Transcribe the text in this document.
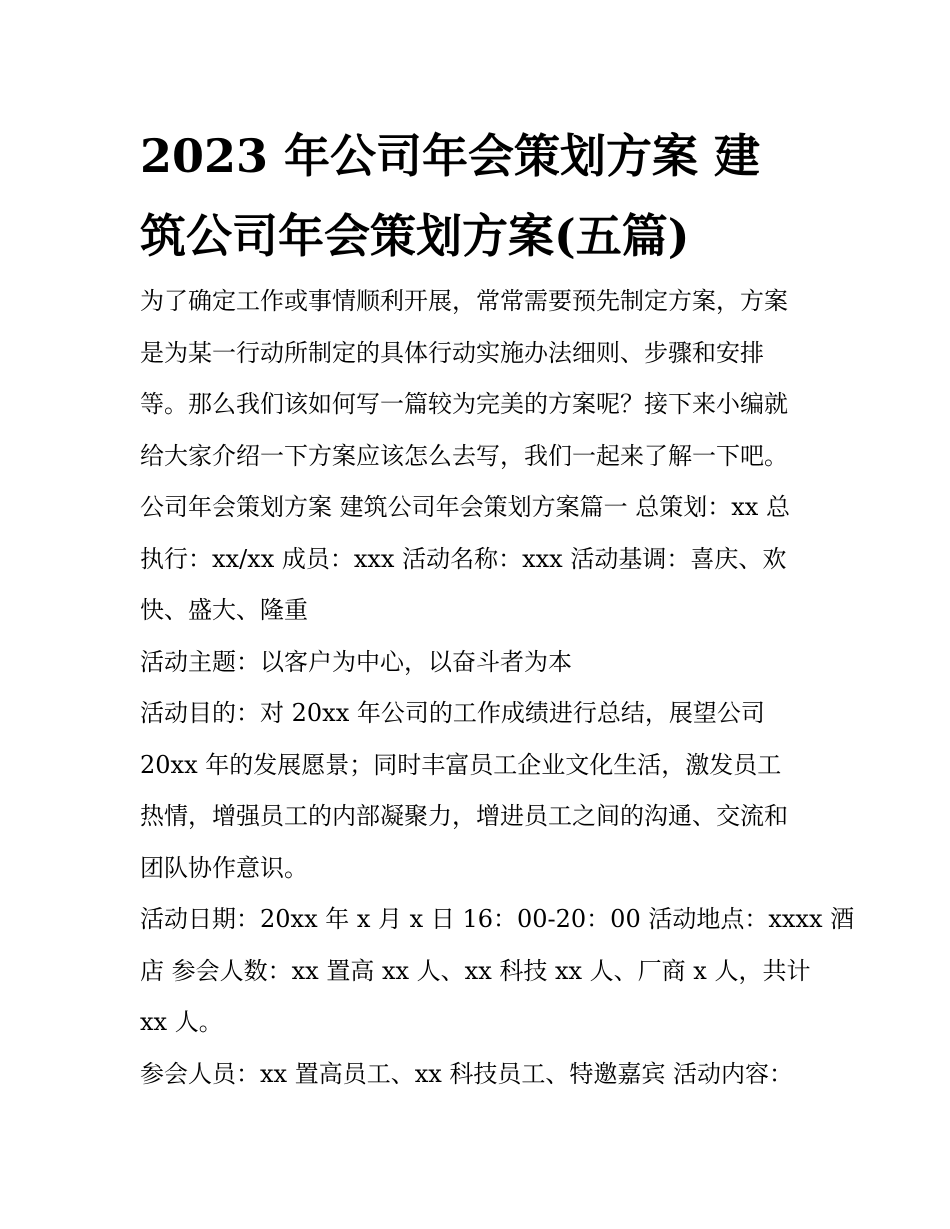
2023 年公司年会策划方案 建
筑公司年会策划方案(五篇)
为了确定工作或事情顺利开展，常常需要预先制定方案，方案
是为某一行动所制定的具体行动实施办法细则、步骤和安排
等。那么我们该如何写一篇较为完美的方案呢？接下来小编就
给大家介绍一下方案应该怎么去写，我们一起来了解一下吧。
公司年会策划方案 建筑公司年会策划方案篇一 总策划：xx 总
执行：xx/xx 成员：xxx 活动名称：xxx 活动基调：喜庆、欢
快、盛大、隆重
活动主题：以客户为中心，以奋斗者为本
活动目的：对 20xx 年公司的工作成绩进行总结，展望公司
20xx 年的发展愿景；同时丰富员工企业文化生活，激发员工
热情，增强员工的内部凝聚力，增进员工之间的沟通、交流和
团队协作意识。
活动日期：20xx 年 x 月 x 日 16：00-20：00 活动地点：xxxx 酒
店 参会人数：xx 置高 xx 人、xx 科技 xx 人、厂商 x 人，共计
xx 人。
参会人员：xx 置高员工、xx 科技员工、特邀嘉宾 活动内容：
